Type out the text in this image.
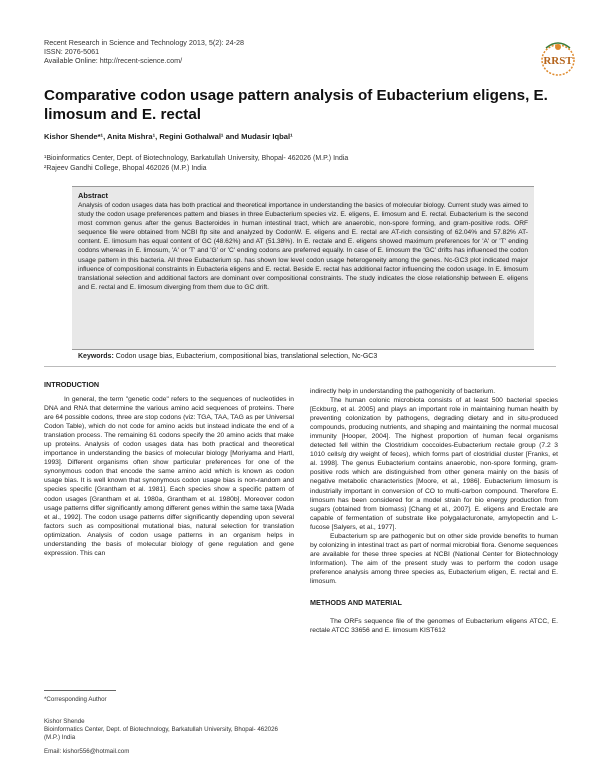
Recent Research in Science and Technology 2013, 5(2): 24-28
ISSN: 2076-5061
Available Online: http://recent-science.com/	RRST
Comparative codon usage pattern analysis of Eubacterium eligens, E. limosum and E. rectal
Kishor Shende*¹, Anita Mishra¹, Regini Gothalwal¹ and Mudasir Iqbal¹
¹Bioinformatics Center, Dept. of Biotechnology, Barkatullah University, Bhopal- 462026 (M.P.) India
²Rajeev Gandhi College, Bhopal 462026 (M.P.) India
Abstract
Analysis of codon usages data has both practical and theoretical importance in understanding the basics of molecular biology. Current study was aimed to study the codon usage preferences pattern and biases in three Eubacterium species viz. E. eligens, E. limosum and E. rectal. Eubacterium is the second most common genus after the genus Bacteroides in human intestinal tract, which are anaerobic, non-spore forming, and gram-positive rods. ORF sequence file were obtained from NCBI ftp site and analyzed by CodonW. E. eligens and E. rectal are AT-rich consisting of 62.04% and 57.82% AT-content. E. limosum has equal content of GC (48.62%) and AT (51.38%). In E. rectale and E. eligens showed maximum preferences for 'A' or 'T' ending codons whereas in E. limosum, 'A' or 'T' and 'G' or 'C' ending codons are preferred equally. In case of E. limosum the 'GC' drifts has influenced the codon usage pattern in this bacteria. All three Eubacterium sp. has shown low level codon usage heterogeneity among the genes. Nc-GC3 plot indicated major influence of compositional constraints in Eubacteria eligens and E. rectal. Beside E. rectal has additional factor influencing the codon usage. In E. limosum translational selection and additional factors are dominant over compositional constraints. The study indicates the close relationship between E. eligens and E. rectal and E. limosum diverging from them due to GC drift.
Keywords: Codon usage bias, Eubacterium, compositional bias, translational selection, Nc-GC3
INTRODUCTION

In general, the term "genetic code" refers to the sequences of nucleotides in DNA and RNA that determine the various amino acid sequences of proteins. There are 64 possible codons, three are stop codons (viz: TGA, TAA, TAG as per Universal Codon Table), which do not code for amino acids but instead indicate the end of a translation process. The remaining 61 codons specify the 20 amino acids that make up proteins. Analysis of codon usages data has both practical and theoretical importance in understanding the basics of molecular biology [Moriyama and Hartl, 1993]. Different organisms often show particular preferences for one of the synonymous codon that encode the same amino acid which is known as codon usage bias. It is well known that synonymous codon usage bias is non-random and species specific [Grantham et al. 1981]. Each species show a specific pattern of codon usages [Grantham et al. 1980a, Grantham et al. 1980b]. Moreover codon usage patterns differ significantly among different genes within the same taxa [Wada et al., 1992]. The codon usage patterns differ significantly depending upon several factors such as compositional mutational bias, natural selection for translation optimization. Analysis of codon usage patterns in an organism helps in understanding the basis of molecular biology of gene regulation and gene expression. This can

indirectly help in understanding the pathogenicity of bacterium.

The human colonic microbiota consists of at least 500 bacterial species [Eckburg, et al. 2005] and plays an important role in maintaining human health by preventing colonization by pathogens, degrading dietary and in situ-produced compounds, producing nutrients, and shaping and maintaining the normal mucosal immunity [Hooper, 2004]. The highest proportion of human fecal organisms detected fell within the Clostridium coccoides-Eubacterium rectale group (7.2 3 1010 cells/g dry weight of feces), which forms part of clostridial cluster [Franks, et al. 1998]. The genus Eubacterium contains anaerobic, non-spore forming, gram-positive rods which are distinguished from other genera mainly on the basis of negative metabolic characteristics [Moore, et al., 1986]. Eubacterium limosum is industrially important in conversion of CO to multi-carbon compound. Therefore E. limosum has been considered for a model strain for bio energy production from sugars (obtained from biomass) [Chang et al., 2007]. E. eligens and Erectale are capable of fermentation of substrate like polygalacturonate, amylopectin and L-fucose [Salyers, et al., 1977].

Eubacterium sp are pathogenic but on other side provide benefits to human by colonizing in intestinal tract as part of normal microbial flora. Genome sequences are available for these three species at NCBI (National Center for Biotechnology Information). The aim of the present study was to perform the codon usage preference analysis among three species as, Eubacterium eligen, E. rectal and E. limosum.

METHODS AND MATERIAL

The ORFs sequence file of the genomes of Eubacterium eligens ATCC, E. rectale ATCC 33656 and E. limosum KIST612

*Corresponding Author
Kishor Shende
Bioinformatics Center, Dept. of Biotechnology, Barkatullah University, Bhopal- 462026 (M.P.) India
Email: kishor556@hotmail.com
